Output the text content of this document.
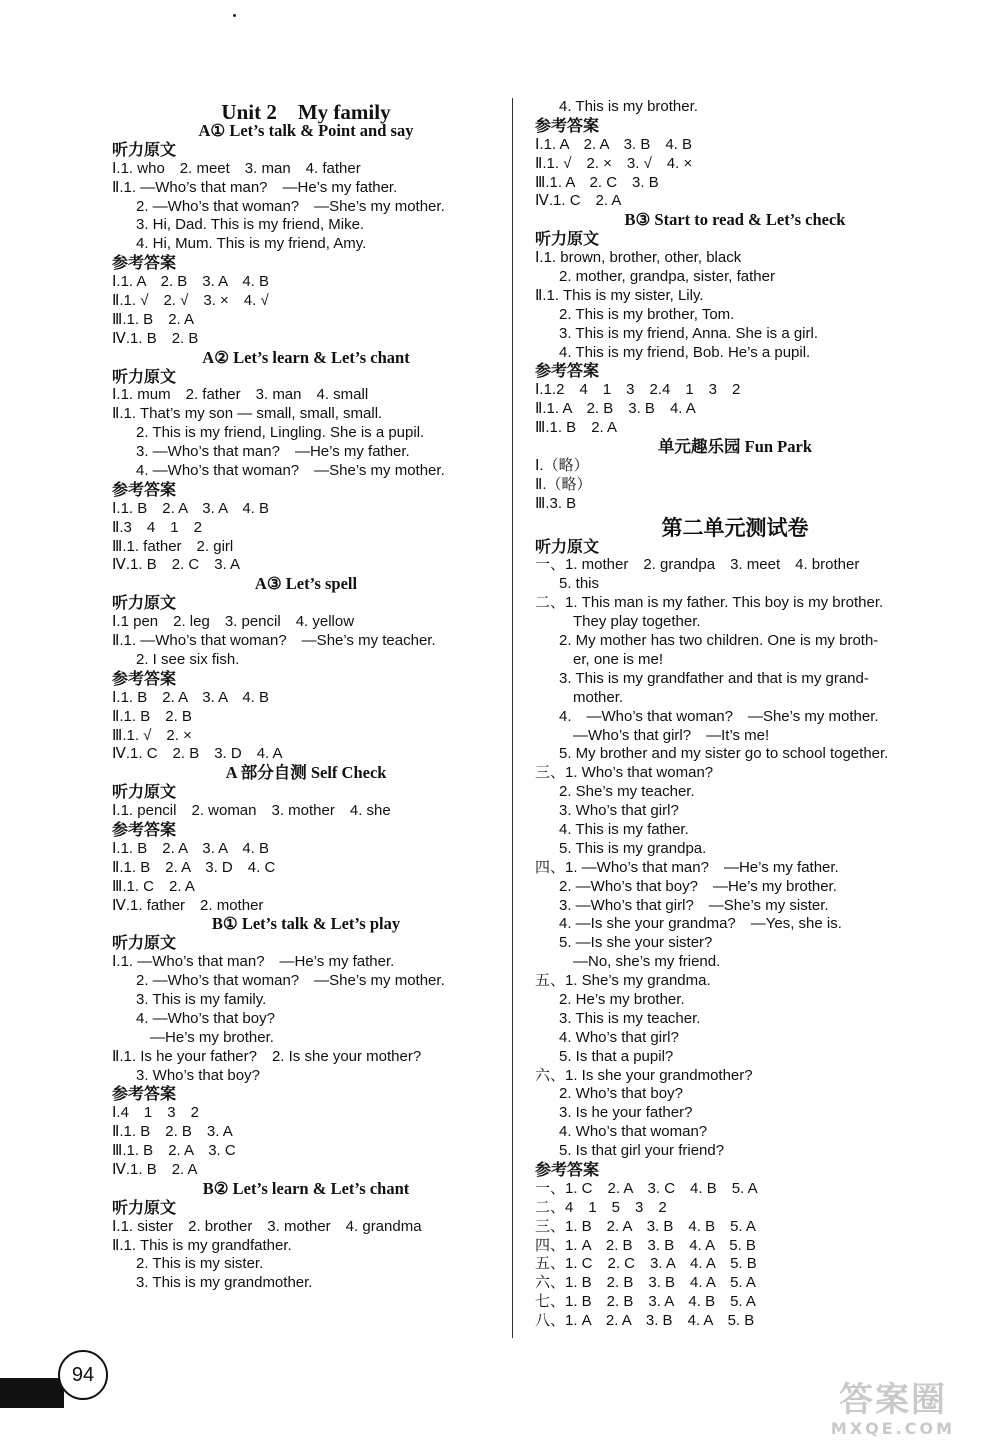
Unit 2　My family
A① Let’s talk & Point and say
听力原文
Ⅰ.1. who　2. meet　3. man　4. father
Ⅱ.1. —Who’s that man?　—He’s my father.
2. —Who’s that woman?　—She’s my mother.
3. Hi, Dad. This is my friend, Mike.
4. Hi, Mum. This is my friend, Amy.
参考答案
Ⅰ.1. A　2. B　3. A　4. B
Ⅱ.1. √　2. √　3. ×　4. √
Ⅲ.1. B　2. A
Ⅳ.1. B　2. B
A② Let’s learn & Let’s chant
听力原文
Ⅰ.1. mum　2. father　3. man　4. small
Ⅱ.1. That’s my son — small, small, small.
2. This is my friend, Lingling. She is a pupil.
3. —Who’s that man?　—He’s my father.
4. —Who’s that woman?　—She’s my mother.
参考答案
Ⅰ.1. B　2. A　3. A　4. B
Ⅱ.3　4　1　2
Ⅲ.1. father　2. girl
Ⅳ.1. B　2. C　3. A
A③ Let’s spell
听力原文
Ⅰ.1 pen　2. leg　3. pencil　4. yellow
Ⅱ.1. —Who’s that woman?　—She’s my teacher.
2. I see six fish.
参考答案
Ⅰ.1. B　2. A　3. A　4. B
Ⅱ.1. B　2. B
Ⅲ.1. √　2. ×
Ⅳ.1. C　2. B　3. D　4. A
A 部分自测 Self Check
听力原文
Ⅰ.1. pencil　2. woman　3. mother　4. she
参考答案
Ⅰ.1. B　2. A　3. A　4. B
Ⅱ.1. B　2. A　3. D　4. C
Ⅲ.1. C　2. A
Ⅳ.1. father　2. mother
B① Let’s talk & Let’s play
听力原文
Ⅰ.1. —Who’s that man?　—He’s my father.
2. —Who’s that woman?　—She’s my mother.
3. This is my family.
4. —Who’s that boy?
—He’s my brother.
Ⅱ.1. Is he your father?　2. Is she your mother?
3. Who’s that boy?
参考答案
Ⅰ.4　1　3　2
Ⅱ.1. B　2. B　3. A
Ⅲ.1. B　2. A　3. C
Ⅳ.1. B　2. A
B② Let’s learn & Let’s chant
听力原文
Ⅰ.1. sister　2. brother　3. mother　4. grandma
Ⅱ.1. This is my grandfather.
2. This is my sister.
3. This is my grandmother.
4. This is my brother.
参考答案
Ⅰ.1. A　2. A　3. B　4. B
Ⅱ.1. √　2. ×　3. √　4. ×
Ⅲ.1. A　2. C　3. B
Ⅳ.1. C　2. A
B③ Start to read & Let’s check
听力原文
Ⅰ.1. brown, brother, other, black
2. mother, grandpa, sister, father
Ⅱ.1. This is my sister, Lily.
2. This is my brother, Tom.
3. This is my friend, Anna. She is a girl.
4. This is my friend, Bob. He’s a pupil.
参考答案
Ⅰ.1.2　4　1　3　2.4　1　3　2
Ⅱ.1. A　2. B　3. B　4. A
Ⅲ.1. B　2. A
单元趣乐园 Fun Park
Ⅰ.（略）
Ⅱ.（略）
Ⅲ.3. B
第二单元测试卷
听力原文
一、1. mother　2. grandpa　3. meet　4. brother
5. this
二、1. This man is my father. This boy is my brother.
They play together.
2. My mother has two children. One is my broth-
er, one is me!
3. This is my grandfather and that is my grand-
mother.
4.　—Who’s that woman?　—She’s my mother.
—Who’s that girl?　—It’s me!
5. My brother and my sister go to school together.
三、1. Who’s that woman?
2. She’s my teacher.
3. Who’s that girl?
4. This is my father.
5. This is my grandpa.
四、1. —Who’s that man?　—He’s my father.
2. —Who’s that boy?　—He’s my brother.
3. —Who’s that girl?　—She’s my sister.
4. —Is she your grandma?　—Yes, she is.
5. —Is she your sister?
—No, she’s my friend.
五、1. She’s my grandma.
2. He’s my brother.
3. This is my teacher.
4. Who’s that girl?
5. Is that a pupil?
六、1. Is she your grandmother?
2. Who’s that boy?
3. Is he your father?
4. Who’s that woman?
5. Is that girl your friend?
参考答案
一、1. C　2. A　3. C　4. B　5. A
二、4　1　5　3　2
三、1. B　2. A　3. B　4. B　5. A
四、1. A　2. B　3. B　4. A　5. B
五、1. C　2. C　3. A　4. A　5. B
六、1. B　2. B　3. B　4. A　5. A
七、1. B　2. B　3. A　4. B　5. A
八、1. A　2. A　3. B　4. A　5. B
94
答案圈
MXQE.COM
